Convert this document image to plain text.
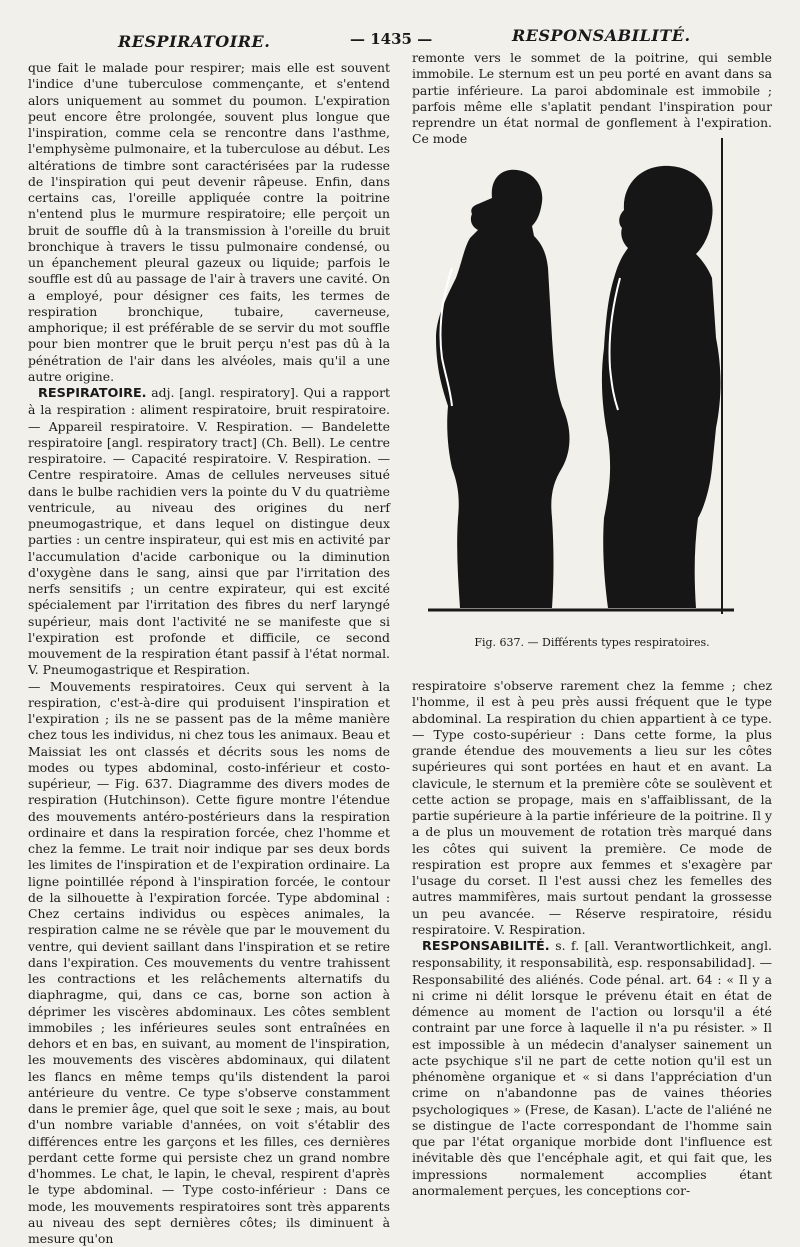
RESPIRATOIRE.	— 1435 —	RESPONSABILITÉ.

que fait le malade pour respirer; mais elle est souvent l'indice d'une tuberculose commençante, et s'entend alors uniquement au sommet du poumon. L'expiration peut encore être prolongée, souvent plus longue que l'inspiration, comme cela se rencontre dans l'asthme, l'emphysème pulmonaire, et la tuberculose au début. Les altérations de timbre sont caractérisées par la rudesse de l'inspiration qui peut devenir râpeuse. Enfin, dans certains cas, l'oreille appliquée contre la poitrine n'entend plus le murmure respiratoire; elle perçoit un bruit de souffle dû à la transmission à l'oreille du bruit bronchique à travers le tissu pulmonaire condensé, ou un épanchement pleural gazeux ou liquide; parfois le souffle est dû au passage de l'air à travers une cavité. On a employé, pour désigner ces faits, les termes de respiration bronchique, tubaire, caverneuse, amphorique; il est préférable de se servir du mot souffle pour bien montrer que le bruit perçu n'est pas dû à la pénétration de l'air dans les alvéoles, mais qu'il a une autre origine.

RESPIRATOIRE. adj. [angl. respiratory]. Qui a rapport à la respiration : aliment respiratoire, bruit respiratoire. — Appareil respiratoire. V. Respiration. — Bandelette respiratoire [angl. respiratory tract] (Ch. Bell). Le centre respiratoire. — Capacité respiratoire. V. Respiration. — Centre respiratoire. Amas de cellules nerveuses situé dans le bulbe rachidien vers la pointe du V du quatrième ventricule, au niveau des origines du nerf pneumogastrique, et dans lequel on distingue deux parties : un centre inspirateur, qui est mis en activité par l'accumulation d'acide carbonique ou la diminution d'oxygène dans le sang, ainsi que par l'irritation des nerfs sensitifs ; un centre expirateur, qui est excité spécialement par l'irritation des fibres du nerf laryngé supérieur, mais dont l'activité ne se manifeste que si l'expiration est profonde et difficile, ce second mouvement de la respiration étant passif à l'état normal. V. Pneumogastrique et Respiration.

— Mouvements respiratoires. Ceux qui servent à la respiration, c'est-à-dire qui produisent l'inspiration et l'expiration ; ils ne se passent pas de la même manière chez tous les individus, ni chez tous les animaux. Beau et Maissiat les ont classés et décrits sous les noms de modes ou types abdominal, costo-inférieur et costo-supérieur, — Fig. 637. Diagramme des divers modes de respiration (Hutchinson). Cette figure montre l'étendue des mouvements antéro-postérieurs dans la respiration ordinaire et dans la respiration forcée, chez l'homme et chez la femme. Le trait noir indique par ses deux bords les limites de l'inspiration et de l'expiration ordinaire. La ligne pointillée répond à l'inspiration forcée, le contour de la silhouette à l'expiration forcée. Type abdominal : Chez certains individus ou espèces animales, la respiration calme ne se révèle que par le mouvement du ventre, qui devient saillant dans l'inspiration et se retire dans l'expiration. Ces mouvements du ventre trahissent les contractions et les relâchements alternatifs du diaphragme, qui, dans ce cas, borne son action à déprimer les viscères abdominaux. Les côtes semblent immobiles ; les inférieures seules sont entraînées en dehors et en bas, en suivant, au moment de l'inspiration, les mouvements des viscères abdominaux, qui dilatent les flancs en même temps qu'ils distendent la paroi antérieure du ventre. Ce type s'observe constamment dans le premier âge, quel que soit le sexe ; mais, au bout d'un nombre variable d'années, on voit s'établir des différences entre les garçons et les filles, ces dernières perdant cette forme qui persiste chez un grand nombre d'hommes. Le chat, le lapin, le cheval, respirent d'après le type abdominal. — Type costo-inférieur : Dans ce mode, les mouvements respiratoires sont très apparents au niveau des sept dernières côtes; ils diminuent à mesure qu'on

remonte vers le sommet de la poitrine, qui semble immobile. Le sternum est un peu porté en avant dans sa partie inférieure. La paroi abdominale est immobile ; parfois même elle s'aplatit pendant l'inspiration pour reprendre un état normal de gonflement à l'expiration. Ce mode

Fig. 637. — Différents types respiratoires.

respiratoire s'observe rarement chez la femme ; chez l'homme, il est à peu près aussi fréquent que le type abdominal. La respiration du chien appartient à ce type. — Type costo-supérieur : Dans cette forme, la plus grande étendue des mouvements a lieu sur les côtes supérieures qui sont portées en haut et en avant. La clavicule, le sternum et la première côte se soulèvent et cette action se propage, mais en s'affaiblissant, de la partie supérieure à la partie inférieure de la poitrine. Il y a de plus un mouvement de rotation très marqué dans les côtes qui suivent la première. Ce mode de respiration est propre aux femmes et s'exagère par l'usage du corset. Il l'est aussi chez les femelles des autres mammifères, mais surtout pendant la grossesse un peu avancée. — Réserve respiratoire, résidu respiratoire. V. Respiration.

RESPONSABILITÉ. s. f. [all. Verantwortlichkeit, angl. responsability, it responsabilità, esp. responsabilidad]. — Responsabilité des aliénés. Code pénal. art. 64 : « Il y a ni crime ni délit lorsque le prévenu était en état de démence au moment de l'action ou lorsqu'il a été contraint par une force à laquelle il n'a pu résister. » Il est impossible à un médecin d'analyser sainement un acte psychique s'il ne part de cette notion qu'il est un phénomène organique et « si dans l'appréciation d'un crime on n'abandonne pas de vaines théories psychologiques » (Frese, de Kasan). L'acte de l'aliéné ne se distingue de l'acte correspondant de l'homme sain que par l'état organique morbide dont l'influence est inévitable dès que l'encéphale agit, et qui fait que, les impressions normalement accomplies étant anormalement perçues, les conceptions cor-
